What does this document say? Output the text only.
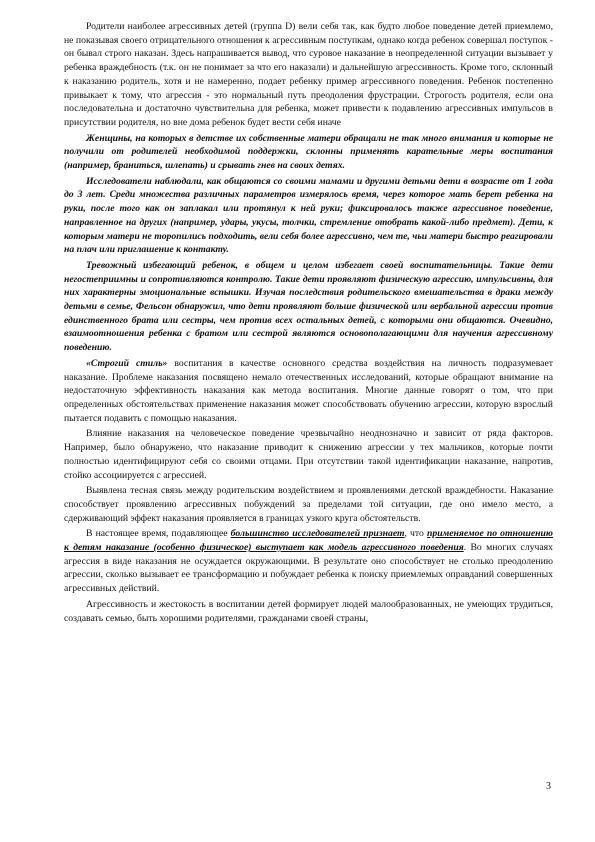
Родители наиболее агрессивных детей (группа D) вели себя так, как будто любое поведение детей приемлемо, не показывая своего отрицательного отношения к агрессивным поступкам, однако когда ребенок совершал поступок - он бывал строго наказан. Здесь напрашивается вывод, что суровое наказание в неопределенной ситуации вызывает у ребенка враждебность (т.к. он не понимает за что его наказали) и дальнейшую агрессивность. Кроме того, склонный к наказанию родитель, хотя и не намеренно, подает ребенку пример агрессивного поведения. Ребенок постепенно привыкает к тому, что агрессия - это нормальный путь преодоления фрустрации. Строгость родителя, если она последовательна и достаточно чувствительна для ребенка, может привести к подавлению агрессивных импульсов в присутствии родителя, но вне дома ребенок будет вести себя иначе

Женщины, на которых в детстве их собственные матери обращали не так много внимания и которые не получили от родителей необходимой поддержки, склонны применять карательные меры воспитания (например, браниться, шлепать) и срывать гнев на своих детях.

Исследователи наблюдали, как общаются со своими мамами и другими детьми дети в возрасте от 1 года до 3 лет. Среди множества различных параметров измерялось время, через которое мать берет ребенка на руки, после того как он заплакал или протянул к ней руки; фиксировалось также агрессивное поведение, направленное на других (например, удары, укусы, толчки, стремление отобрать какой-либо предмет). Дети, к которым матери не торопились подходить, вели себя более агрессивно, чем те, чьи матери быстро реагировали на плач или приглашение к контакту.

Тревожный избегающий ребенок, в общем и целом избегает своей воспитательницы. Такие дети негостеприимны и сопротивляются контролю. Такие дети проявляют физическую агрессию, импульсивны, для них характерны эмоциональные вспышки. Изучая последствия родительского вмешательства в драки между детьми в семье, Фельсон обнаружил, что дети проявляют больше физической или вербальной агрессии против единственного брата или сестры, чем против всех остальных детей, с которыми они общаются. Очевидно, взаимоотношения ребенка с братом или сестрой являются основополагающими для научения агрессивному поведению.

«Строгий стиль» воспитания в качестве основного средства воздействия на личность подразумевает наказание. Проблеме наказания посвящено немало отечественных исследований, которые обращают внимание на недостаточную эффективность наказания как метода воспитания. Многие данные говорят о том, что при определенных обстоятельствах применение наказания может способствовать обучению агрессии, которую взрослый пытается подавить с помощью наказания.

Влияние наказания на человеческое поведение чрезвычайно неоднозначно и зависит от ряда факторов. Например, было обнаружено, что наказание приводит к снижению агрессии у тех мальчиков, которые почти полностью идентифицируют себя со своими отцами. При отсутствии такой идентификации наказание, напротив, стойко ассоциируется с агрессией.

Выявлена тесная связь между родительским воздействием и проявлениями детской враждебности. Наказание способствует проявлению агрессивных побуждений за пределами той ситуации, где оно имело место, а сдерживающий эффект наказания проявляется в границах узкого круга обстоятельств.

В настоящее время, подавляющее большинство исследователей признает, что применяемое по отношению к детям наказание (особенно физическое) выступает как модель агрессивного поведения. Во многих случаях агрессия в виде наказания не осуждается окружающими. В результате оно способствует не столько преодолению агрессии, сколько вызывает ее трансформацию и побуждает ребенка к поиску приемлемых оправданий совершенных агрессивных действий.

Агрессивность и жестокость в воспитании детей формирует людей малообразованных, не умеющих трудиться, создавать семью, быть хорошими родителями, гражданами своей страны,

3
